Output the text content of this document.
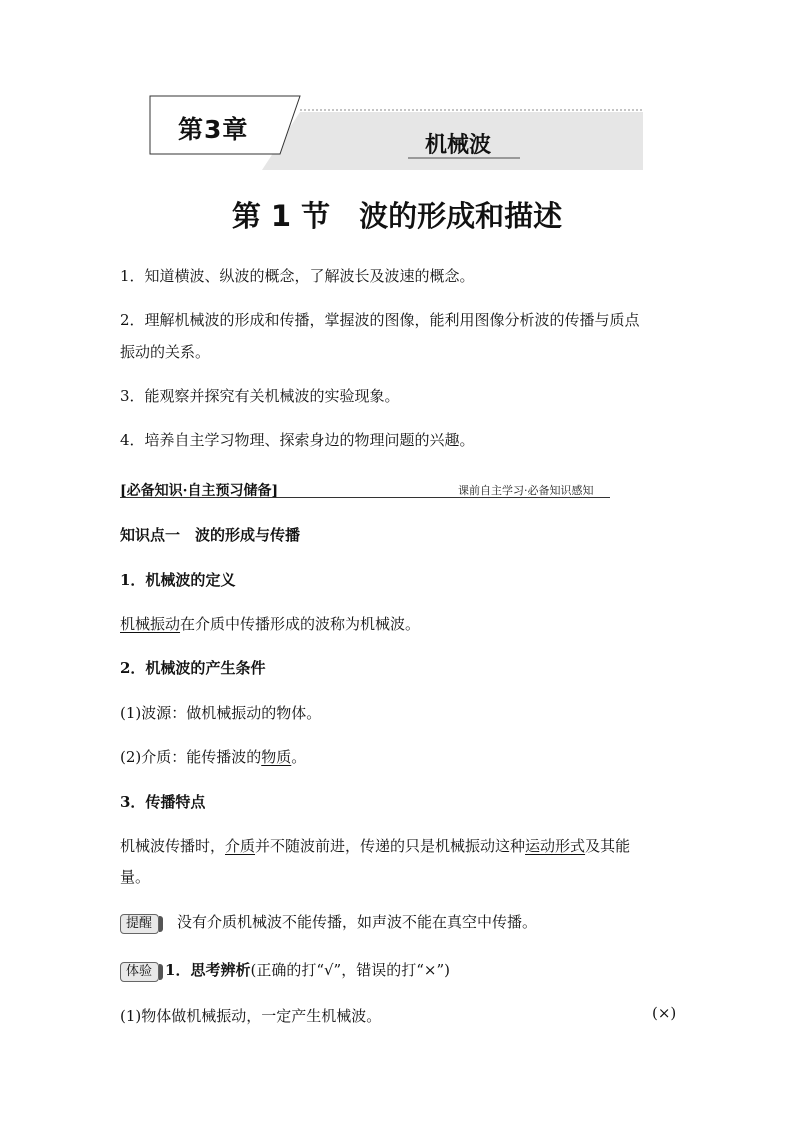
第3章
机械波
第 1 节　波的形成和描述
1．知道横波、纵波的概念，了解波长及波速的概念。
2．理解机械波的形成和传播，掌握波的图像，能利用图像分析波的传播与质点
振动的关系。
3．能观察并探究有关机械波的实验现象。
4．培养自主学习物理、探索身边的物理问题的兴趣。
[必备知识·自主预习储备]	课前自主学习·必备知识感知
知识点一　波的形成与传播
1．机械波的定义
机械振动在介质中传播形成的波称为机械波。
2．机械波的产生条件
(1)波源：做机械振动的物体。
(2)介质：能传播波的物质。
3．传播特点
机械波传播时，介质并不随波前进，传递的只是机械振动这种运动形式及其能
量。
提醒 没有介质机械波不能传播，如声波不能在真空中传播。
体验 1．思考辨析(正确的打“√”，错误的打“×”)
(1)物体做机械振动，一定产生机械波。	(×)
